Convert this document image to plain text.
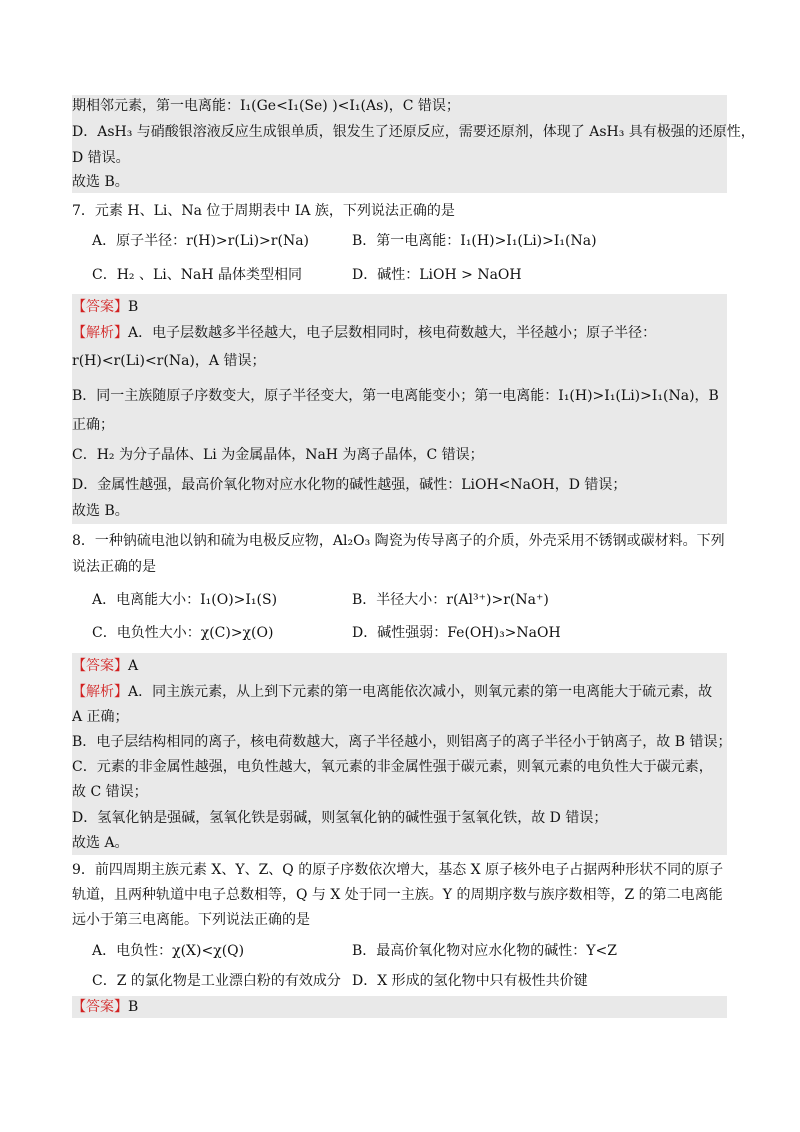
期相邻元素，第一电离能：I₁(Ge<I₁(Se) )<I₁(As)，C 错误；
D．AsH₃ 与硝酸银溶液反应生成银单质，银发生了还原反应，需要还原剂，体现了 AsH₃ 具有极强的还原性，
D 错误。
故选 B。
7．元素 H、Li、Na 位于周期表中 IA 族，下列说法正确的是
A．原子半径：r(H)>r(Li)>r(Na)	B．第一电离能：I₁(H)>I₁(Li)>I₁(Na)
C．H₂ 、Li、NaH 晶体类型相同	D．碱性：LiOH > NaOH
【答案】B
【解析】A．电子层数越多半径越大，电子层数相同时，核电荷数越大，半径越小；原子半径：
r(H)<r(Li)<r(Na)，A 错误；
B．同一主族随原子序数变大，原子半径变大，第一电离能变小；第一电离能：I₁(H)>I₁(Li)>I₁(Na)，B
正确；
C．H₂ 为分子晶体、Li 为金属晶体，NaH 为离子晶体，C 错误；
D．金属性越强，最高价氧化物对应水化物的碱性越强，碱性：LiOH<NaOH，D 错误；
故选 B。
8．一种钠硫电池以钠和硫为电极反应物，Al₂O₃ 陶瓷为传导离子的介质，外壳采用不锈钢或碳材料。下列
说法正确的是
A．电离能大小：I₁(O)>I₁(S)	B．半径大小：r(Al³⁺)>r(Na⁺)
C．电负性大小：χ(C)>χ(O)	D．碱性强弱：Fe(OH)₃>NaOH
【答案】A
【解析】A．同主族元素，从上到下元素的第一电离能依次减小，则氧元素的第一电离能大于硫元素，故
A 正确；
B．电子层结构相同的离子，核电荷数越大，离子半径越小，则铝离子的离子半径小于钠离子，故 B 错误；
C．元素的非金属性越强，电负性越大，氧元素的非金属性强于碳元素，则氧元素的电负性大于碳元素，
故 C 错误；
D．氢氧化钠是强碱，氢氧化铁是弱碱，则氢氧化钠的碱性强于氢氧化铁，故 D 错误；
故选 A。
9．前四周期主族元素 X、Y、Z、Q 的原子序数依次增大，基态 X 原子核外电子占据两种形状不同的原子
轨道，且两种轨道中电子总数相等，Q 与 X 处于同一主族。Y 的周期序数与族序数相等，Z 的第二电离能
远小于第三电离能。下列说法正确的是
A．电负性：χ(X)<χ(Q)	B．最高价氧化物对应水化物的碱性：Y<Z
C．Z 的氯化物是工业漂白粉的有效成分 D．X 形成的氢化物中只有极性共价键
【答案】B
